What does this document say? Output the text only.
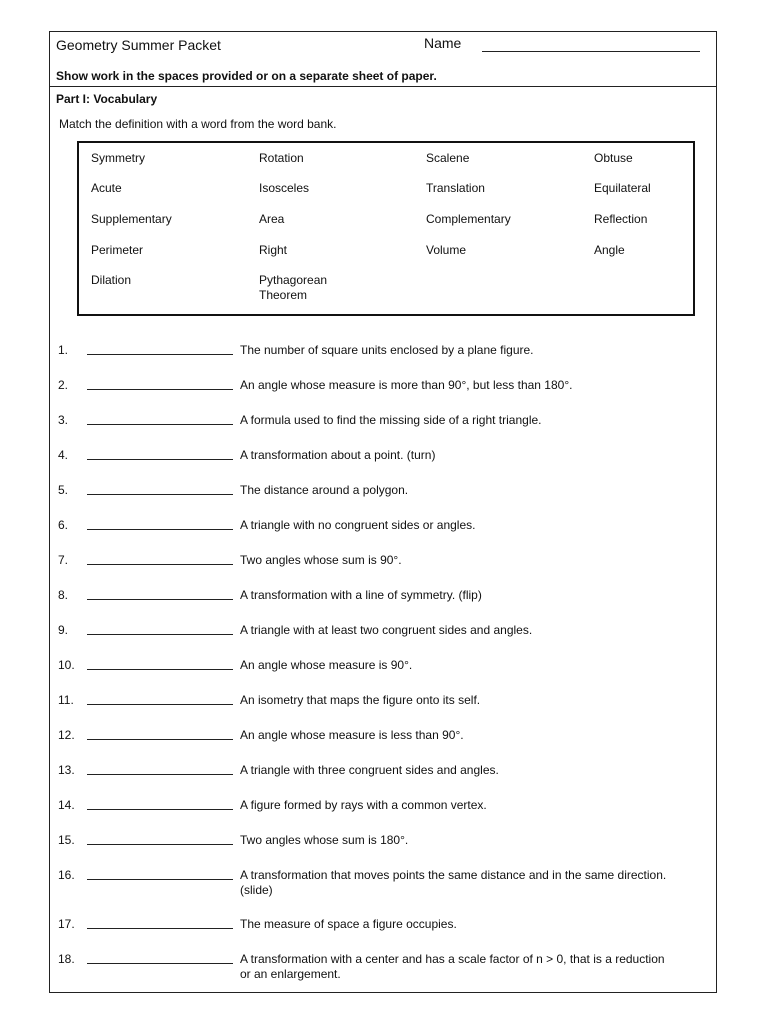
Geometry Summer Packet	Name
Show work in the spaces provided or on a separate sheet of paper.
Part I: Vocabulary
Match the definition with a word from the word bank.
Symmetry	Rotation	Scalene	Obtuse
Acute	Isosceles	Translation	Equilateral
Supplementary	Area	Complementary	Reflection
Perimeter	Right	Volume	Angle
Dilation	Pythagorean
Theorem
1.	The number of square units enclosed by a plane figure.
2.	An angle whose measure is more than 90°, but less than 180°.
3.	A formula used to find the missing side of a right triangle.
4.	A transformation about a point. (turn)
5.	The distance around a polygon.
6.	A triangle with no congruent sides or angles.
7.	Two angles whose sum is 90°.
8.	A transformation with a line of symmetry. (flip)
9.	A triangle with at least two congruent sides and angles.
10.	An angle whose measure is 90°.
11.	An isometry that maps the figure onto its self.
12.	An angle whose measure is less than 90°.
13.	A triangle with three congruent sides and angles.
14.	A figure formed by rays with a common vertex.
15.	Two angles whose sum is 180°.
16.	A transformation that moves points the same distance and in the same direction. (slide)
17.	The measure of space a figure occupies.
18.	A transformation with a center and has a scale factor of n > 0, that is a reduction or an enlargement.
